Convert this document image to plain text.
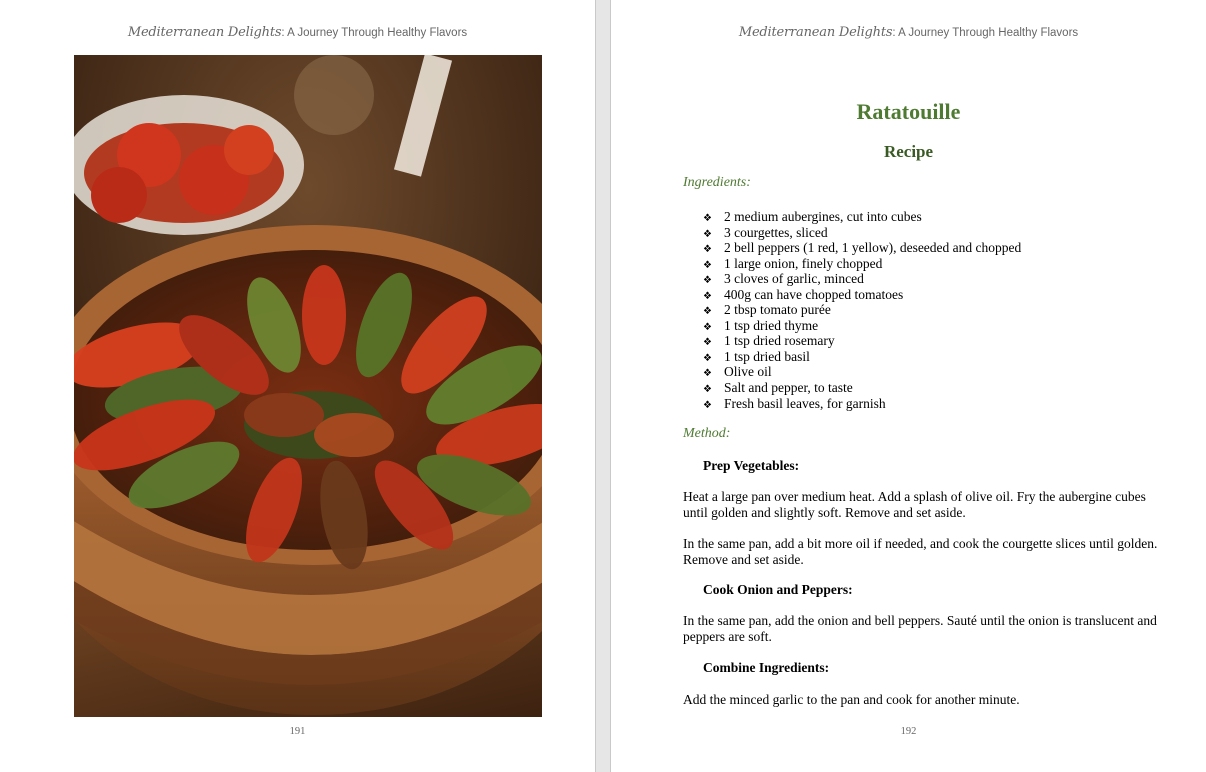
Mediterranean Delights: A Journey Through Healthy Flavors
191
Mediterranean Delights: A Journey Through Healthy Flavors
Ratatouille
Recipe
Ingredients:
❖ 2 medium aubergines, cut into cubes
❖ 3 courgettes, sliced
❖ 2 bell peppers (1 red, 1 yellow), deseeded and chopped
❖ 1 large onion, finely chopped
❖ 3 cloves of garlic, minced
❖ 400g can have chopped tomatoes
❖ 2 tbsp tomato purée
❖ 1 tsp dried thyme
❖ 1 tsp dried rosemary
❖ 1 tsp dried basil
❖ Olive oil
❖ Salt and pepper, to taste
❖ Fresh basil leaves, for garnish
Method:
Prep Vegetables:
Heat a large pan over medium heat. Add a splash of olive oil. Fry the aubergine cubes until golden and slightly soft. Remove and set aside.
In the same pan, add a bit more oil if needed, and cook the courgette slices until golden. Remove and set aside.
Cook Onion and Peppers:
In the same pan, add the onion and bell peppers. Sauté until the onion is translucent and peppers are soft.
Combine Ingredients:
Add the minced garlic to the pan and cook for another minute.
192
